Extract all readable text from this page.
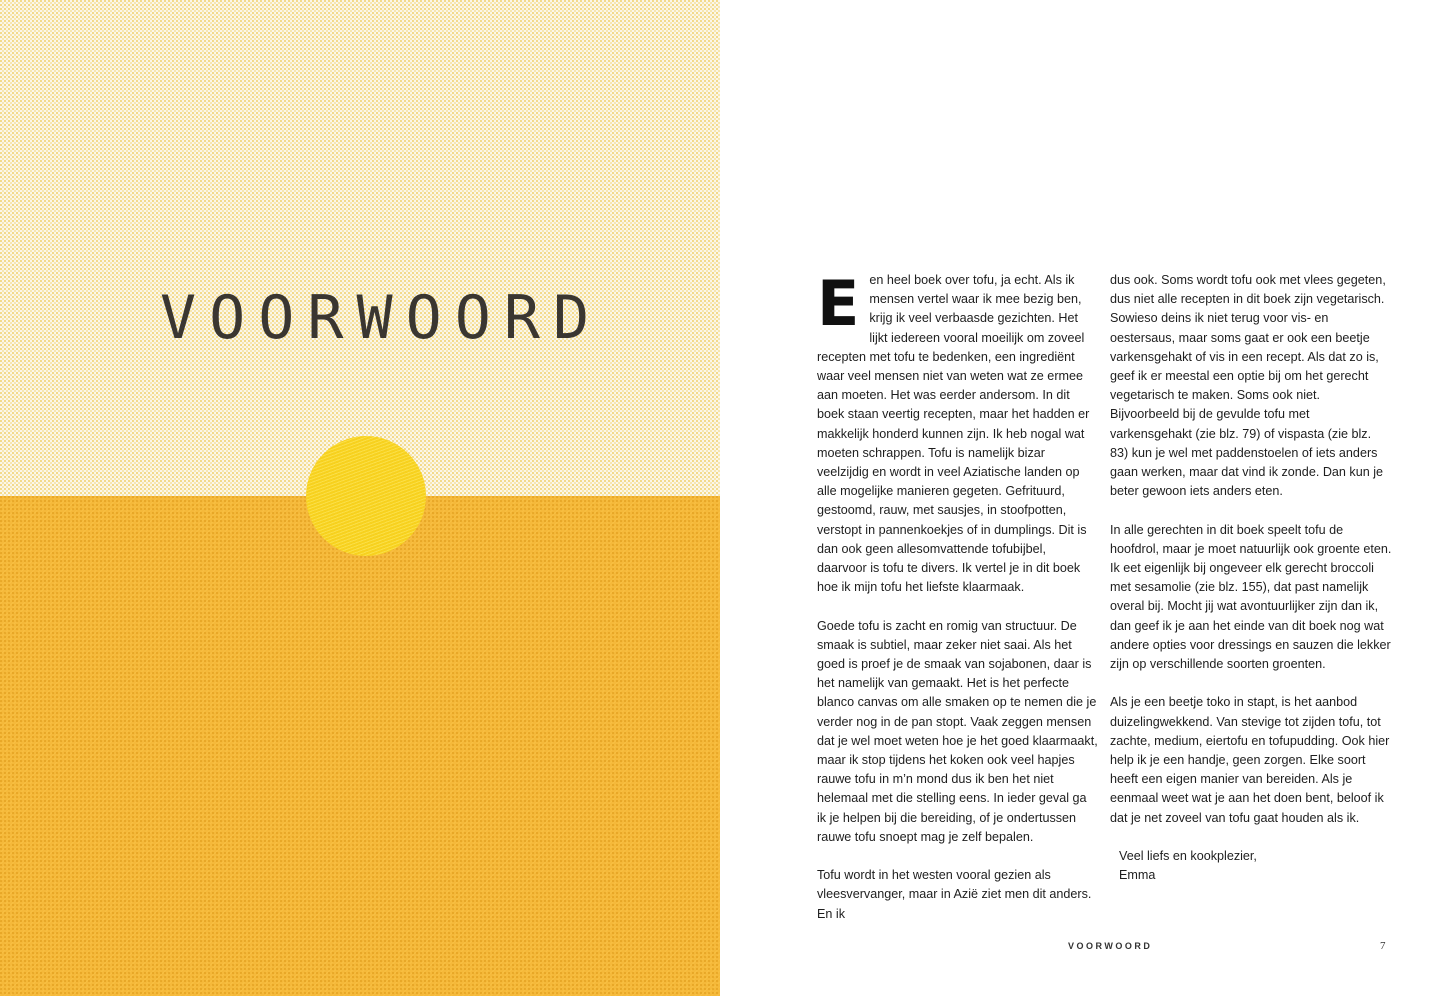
VOORWOORD	Een heel boek over tofu, ja echt. Als ik mensen vertel waar ik mee bezig ben, krijg ik veel verbaasde gezichten. Het lijkt iedereen vooral moeilijk om zoveel recepten met tofu te bedenken, een ingrediënt waar veel mensen niet van weten wat ze ermee aan moeten. Het was eerder andersom. In dit boek staan veertig recepten, maar het hadden er makkelijk honderd kunnen zijn. Ik heb nogal wat moeten schrappen. Tofu is namelijk bizar veelzijdig en wordt in veel Aziatische landen op alle mogelijke manieren gegeten. Gefrituurd, gestoomd, rauw, met sausjes, in stoofpotten, verstopt in pannenkoekjes of in dumplings. Dit is dan ook geen allesomvattende tofubijbel, daarvoor is tofu te divers. Ik vertel je in dit boek hoe ik mijn tofu het liefste klaarmaak.

Goede tofu is zacht en romig van structuur. De smaak is subtiel, maar zeker niet saai. Als het goed is proef je de smaak van sojabonen, daar is het namelijk van gemaakt. Het is het perfecte blanco canvas om alle smaken op te nemen die je verder nog in de pan stopt. Vaak zeggen mensen dat je wel moet weten hoe je het goed klaarmaakt, maar ik stop tijdens het koken ook veel hapjes rauwe tofu in m’n mond dus ik ben het niet helemaal met die stelling eens. In ieder geval ga ik je helpen bij die bereiding, of je ondertussen rauwe tofu snoept mag je zelf bepalen.

Tofu wordt in het westen vooral gezien als vleesvervanger, maar in Azië ziet men dit anders. En ik

dus ook. Soms wordt tofu ook met vlees gegeten, dus niet alle recepten in dit boek zijn vegetarisch. Sowieso deins ik niet terug voor vis- en oestersaus, maar soms gaat er ook een beetje varkensgehakt of vis in een recept. Als dat zo is, geef ik er meestal een optie bij om het gerecht vegetarisch te maken. Soms ook niet. Bijvoorbeeld bij de gevulde tofu met varkensgehakt (zie blz. 79) of vispasta (zie blz. 83) kun je wel met paddenstoelen of iets anders gaan werken, maar dat vind ik zonde. Dan kun je beter gewoon iets anders eten.

In alle gerechten in dit boek speelt tofu de hoofdrol, maar je moet natuurlijk ook groente eten. Ik eet eigenlijk bij ongeveer elk gerecht broccoli met sesamolie (zie blz. 155), dat past namelijk overal bij. Mocht jij wat avontuurlijker zijn dan ik, dan geef ik je aan het einde van dit boek nog wat andere opties voor dressings en sauzen die lekker zijn op verschillende soorten groenten.

Als je een beetje toko in stapt, is het aanbod duizelingwekkend. Van stevige tot zijden tofu, tot zachte, medium, eiertofu en tofupudding. Ook hier help ik je een handje, geen zorgen. Elke soort heeft een eigen manier van bereiden. Als je eenmaal weet wat je aan het doen bent, beloof ik dat je net zoveel van tofu gaat houden als ik.

Veel liefs en kookplezier,
Emma
VOORWOORD	7
